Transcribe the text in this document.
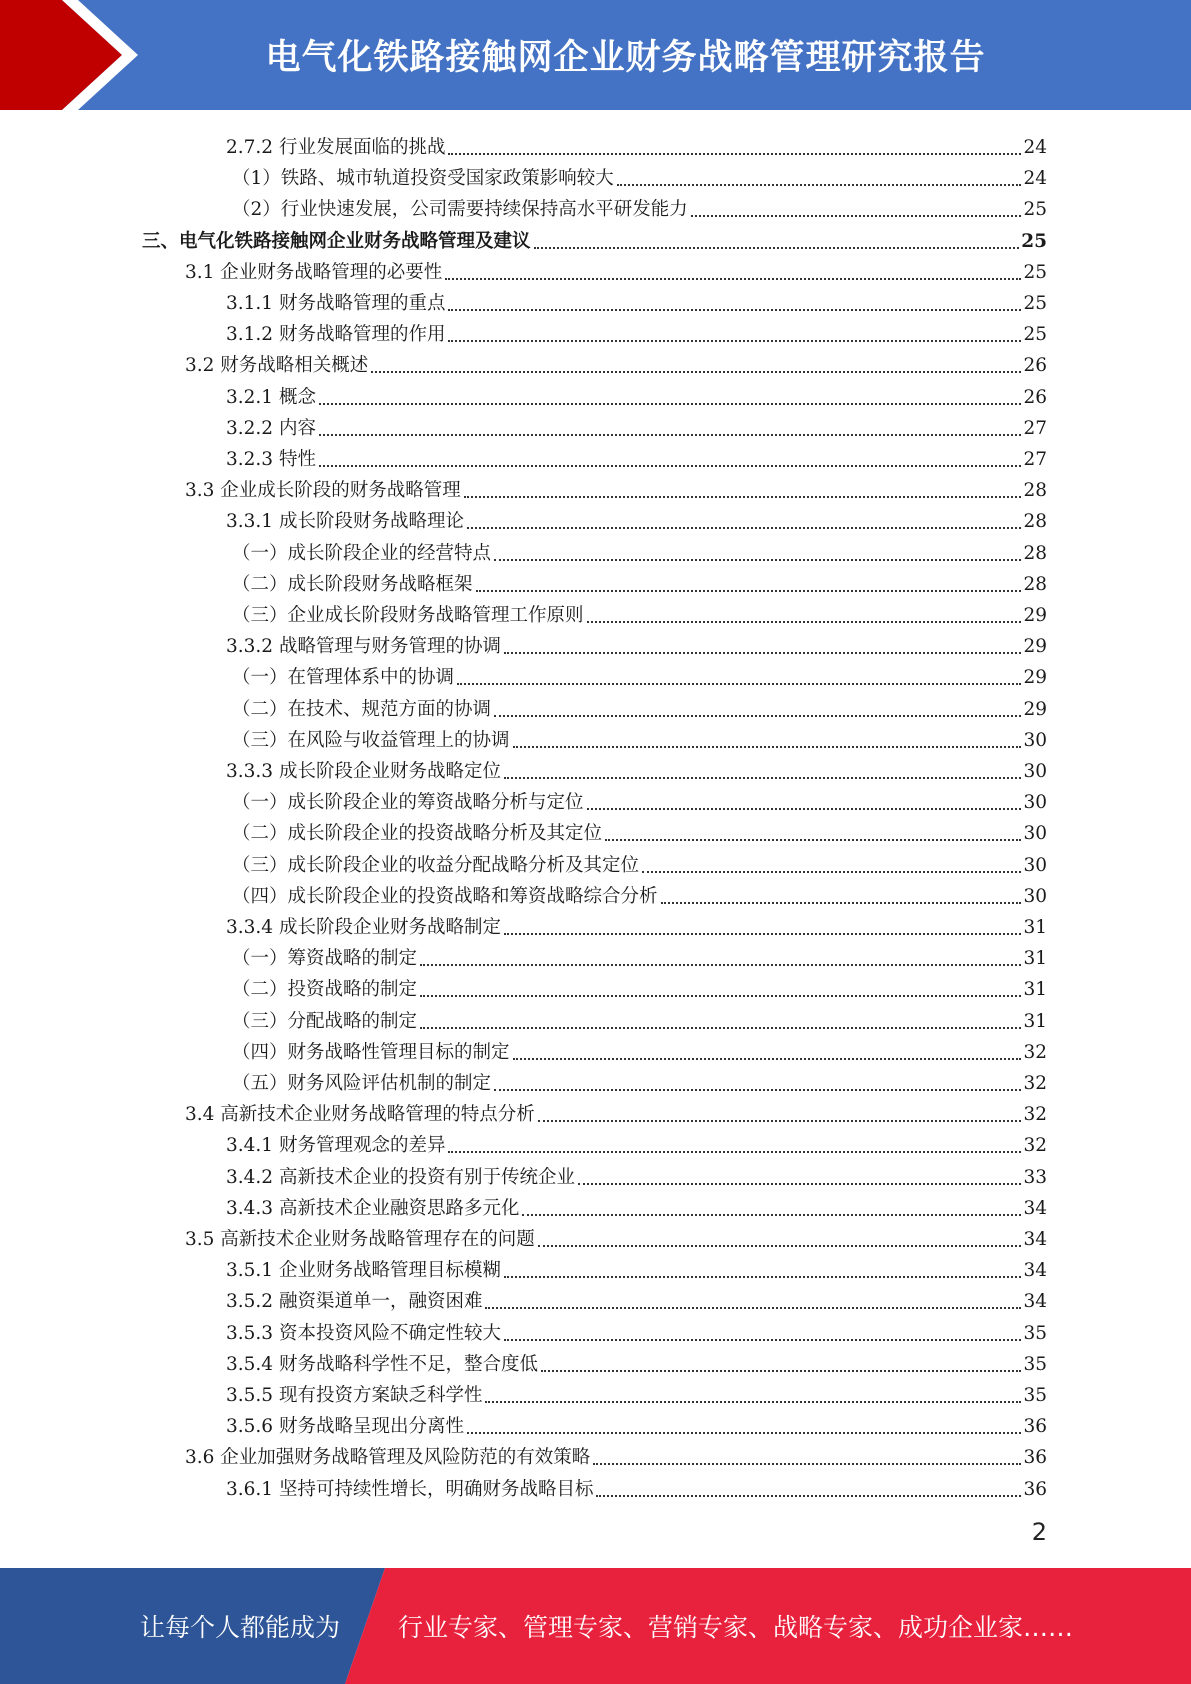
电气化铁路接触网企业财务战略管理研究报告
2.7.2 行业发展面临的挑战	24
（1）铁路、城市轨道投资受国家政策影响较大	24
（2）行业快速发展，公司需要持续保持高水平研发能力	25
三、电气化铁路接触网企业财务战略管理及建议	25
3.1 企业财务战略管理的必要性	25
3.1.1 财务战略管理的重点	25
3.1.2 财务战略管理的作用	25
3.2 财务战略相关概述	26
3.2.1 概念	26
3.2.2 内容	27
3.2.3 特性	27
3.3 企业成长阶段的财务战略管理	28
3.3.1 成长阶段财务战略理论	28
（一）成长阶段企业的经营特点	28
（二）成长阶段财务战略框架	28
（三）企业成长阶段财务战略管理工作原则	29
3.3.2 战略管理与财务管理的协调	29
（一）在管理体系中的协调	29
（二）在技术、规范方面的协调	29
（三）在风险与收益管理上的协调	30
3.3.3 成长阶段企业财务战略定位	30
（一）成长阶段企业的筹资战略分析与定位	30
（二）成长阶段企业的投资战略分析及其定位	30
（三）成长阶段企业的收益分配战略分析及其定位	30
（四）成长阶段企业的投资战略和筹资战略综合分析	30
3.3.4 成长阶段企业财务战略制定	31
（一）筹资战略的制定	31
（二）投资战略的制定	31
（三）分配战略的制定	31
（四）财务战略性管理目标的制定	32
（五）财务风险评估机制的制定	32
3.4 高新技术企业财务战略管理的特点分析	32
3.4.1 财务管理观念的差异	32
3.4.2 高新技术企业的投资有别于传统企业	33
3.4.3 高新技术企业融资思路多元化	34
3.5 高新技术企业财务战略管理存在的问题	34
3.5.1 企业财务战略管理目标模糊	34
3.5.2 融资渠道单一，融资困难	34
3.5.3 资本投资风险不确定性较大	35
3.5.4 财务战略科学性不足，整合度低	35
3.5.5 现有投资方案缺乏科学性	35
3.5.6 财务战略呈现出分离性	36
3.6 企业加强财务战略管理及风险防范的有效策略	36
3.6.1 坚持可持续性增长，明确财务战略目标	36
2
让每个人都能成为 行业专家、管理专家、营销专家、战略专家、成功企业家……
